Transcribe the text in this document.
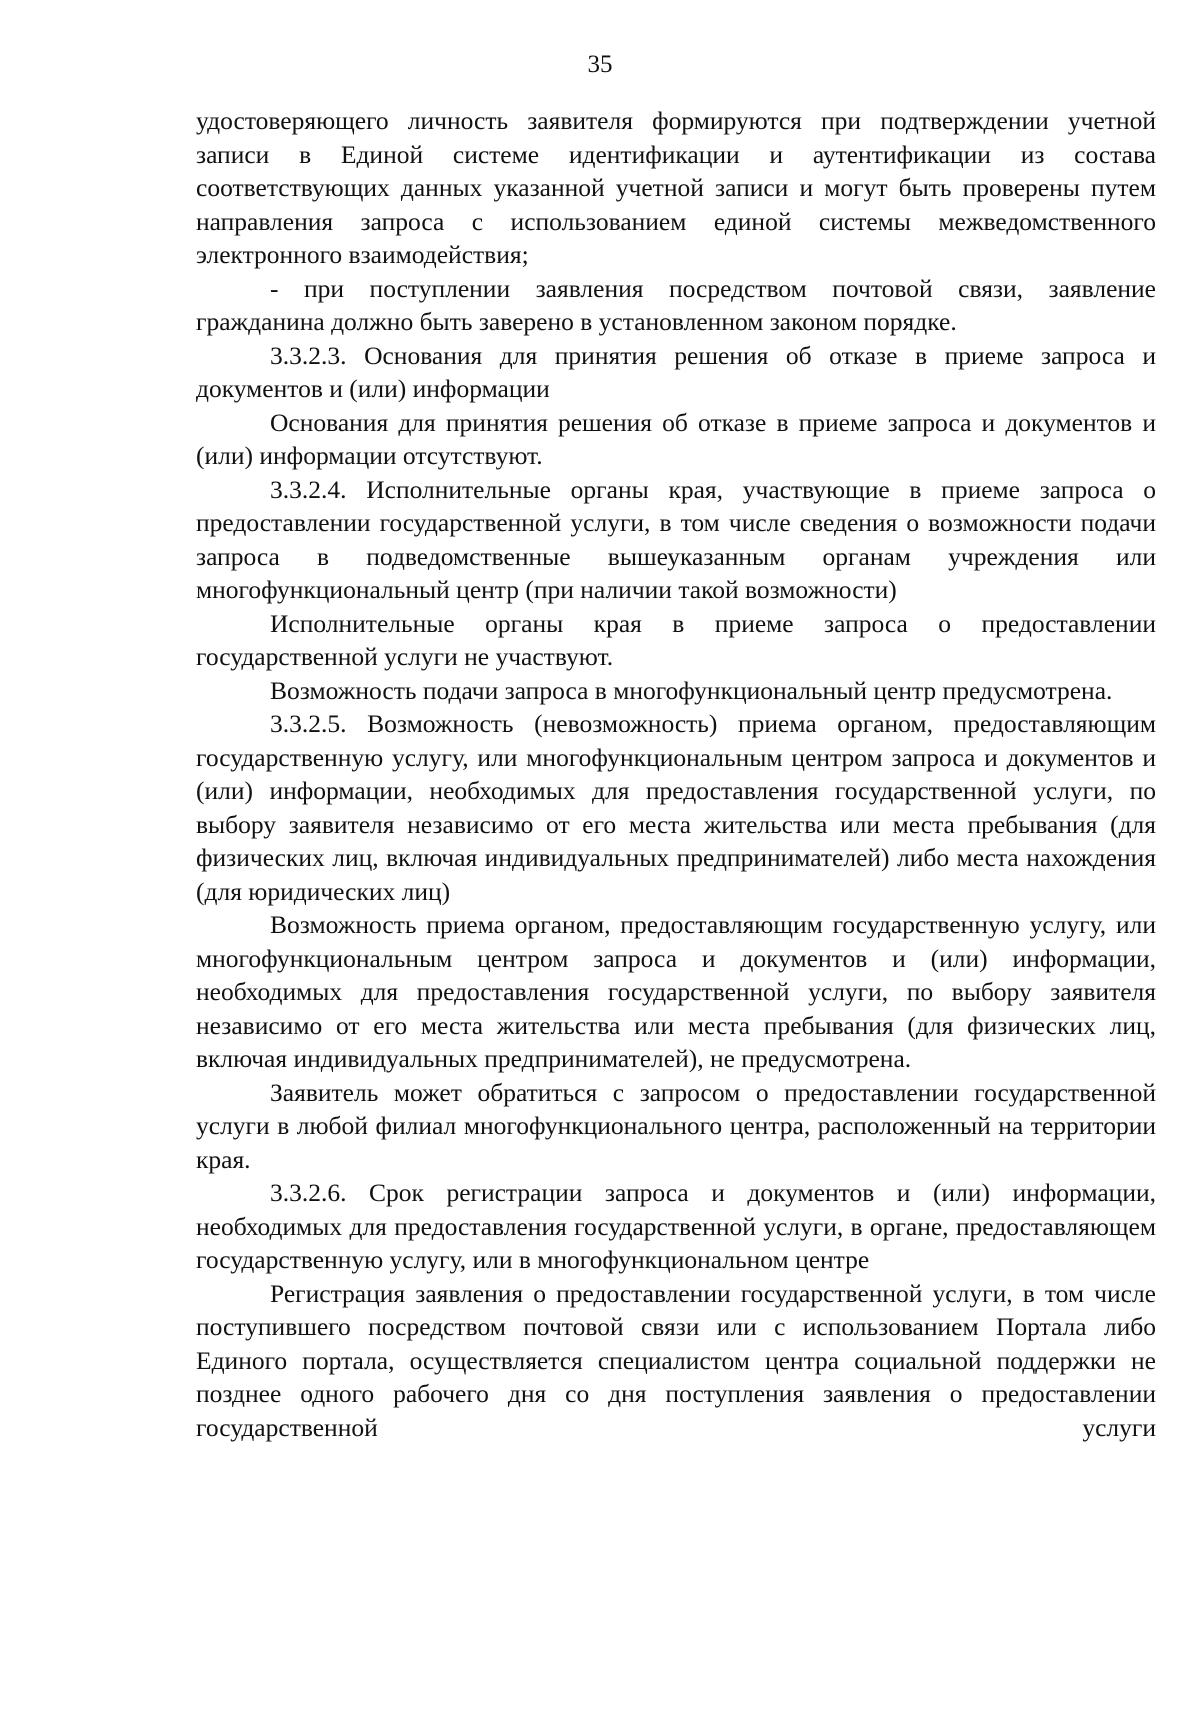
35

удостоверяющего личность заявителя формируются при подтверждении учетной записи в Единой системе идентификации и аутентификации из состава соответствующих данных указанной учетной записи и могут быть проверены путем направления запроса с использованием единой системы межведомственного электронного взаимодействия;

- при поступлении заявления посредством почтовой связи, заявление гражданина должно быть заверено в установленном законом порядке.

3.3.2.3. Основания для принятия решения об отказе в приеме запроса и документов и (или) информации

Основания для принятия решения об отказе в приеме запроса и документов и (или) информации отсутствуют.

3.3.2.4. Исполнительные органы края, участвующие в приеме запроса о предоставлении государственной услуги, в том числе сведения о возможности подачи запроса в подведомственные вышеуказанным органам учреждения или многофункциональный центр (при наличии такой возможности)

Исполнительные органы края в приеме запроса о предоставлении государственной услуги не участвуют.

Возможность подачи запроса в многофункциональный центр предусмотрена.

3.3.2.5. Возможность (невозможность) приема органом, предоставляющим государственную услугу, или многофункциональным центром запроса и документов и (или) информации, необходимых для предоставления государственной услуги, по выбору заявителя независимо от его места жительства или места пребывания (для физических лиц, включая индивидуальных предпринимателей) либо места нахождения (для юридических лиц)

Возможность приема органом, предоставляющим государственную услугу, или многофункциональным центром запроса и документов и (или) информации, необходимых для предоставления государственной услуги, по выбору заявителя независимо от его места жительства или места пребывания (для физических лиц, включая индивидуальных предпринимателей), не предусмотрена.

Заявитель может обратиться с запросом о предоставлении государственной услуги в любой филиал многофункционального центра, расположенный на территории края.

3.3.2.6. Срок регистрации запроса и документов и (или) информации, необходимых для предоставления государственной услуги, в органе, предоставляющем государственную услугу, или в многофункциональном центре

Регистрация заявления о предоставлении государственной услуги, в том числе поступившего посредством почтовой связи или с использованием Портала либо Единого портала, осуществляется специалистом центра социальной поддержки не позднее одного рабочего дня со дня поступления заявления о предоставлении государственной услуги
